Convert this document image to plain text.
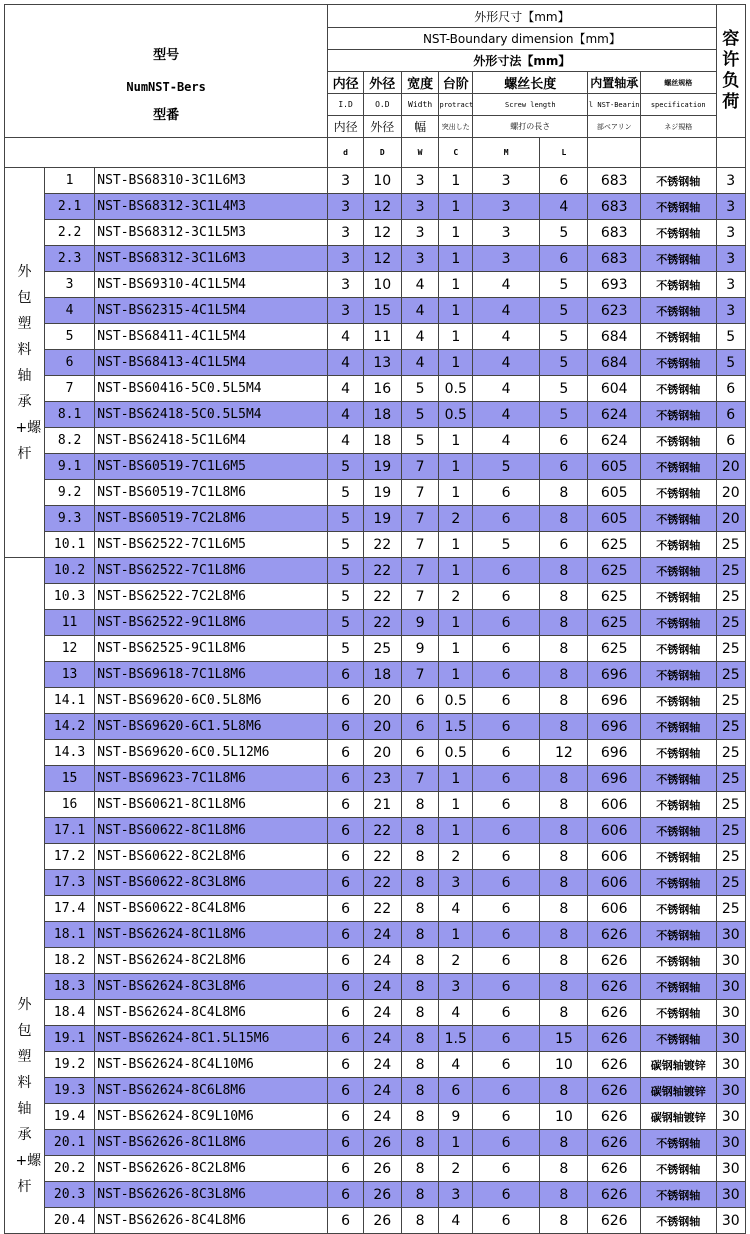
型号			外形尺寸【mm】								容许负荷

			NST-Boundary dimension【mm】								
			外形寸法【mm】								
			内径	外径	宽度	台阶	螺丝长度		内置轴承	螺丝规格	

NumNST-Bers
型番			I.D	O.D	Width	protract	Screw length		l NST-Bearin	specification	
			内径	外径	幅	突出した	螺打の長さ		部ベアリン	ネジ規格	
			d	D	W	C	M	L			

外包塑料轴承+螺杆	1	NST-BS68310-3C1L6M3	3	10	3	1	3	6	683	不锈钢轴	3
	2.1	NST-BS68312-3C1L4M3	3	12	3	1	3	4	683	不锈钢轴	3
	2.2	NST-BS68312-3C1L5M3	3	12	3	1	3	5	683	不锈钢轴	3
	2.3	NST-BS68312-3C1L6M3	3	12	3	1	3	6	683	不锈钢轴	3
	3	NST-BS69310-4C1L5M4	3	10	4	1	4	5	693	不锈钢轴	3
	4	NST-BS62315-4C1L5M4	3	15	4	1	4	5	623	不锈钢轴	3
	5	NST-BS68411-4C1L5M4	4	11	4	1	4	5	684	不锈钢轴	5
	6	NST-BS68413-4C1L5M4	4	13	4	1	4	5	684	不锈钢轴	5
	7	NST-BS60416-5C0.5L5M4	4	16	5	0.5	4	5	604	不锈钢轴	6
	8.1	NST-BS62418-5C0.5L5M4	4	18	5	0.5	4	5	624	不锈钢轴	6
	8.2	NST-BS62418-5C1L6M4	4	18	5	1	4	6	624	不锈钢轴	6
	9.1	NST-BS60519-7C1L6M5	5	19	7	1	5	6	605	不锈钢轴	20
	9.2	NST-BS60519-7C1L8M6	5	19	7	1	6	8	605	不锈钢轴	20
	9.3	NST-BS60519-7C2L8M6	5	19	7	2	6	8	605	不锈钢轴	20
	10.1	NST-BS62522-7C1L6M5	5	22	7	1	5	6	625	不锈钢轴	25

外包塑料轴承+螺杆	10.2	NST-BS62522-7C1L8M6	5	22	7	1	6	8	625	不锈钢轴	25
	10.3	NST-BS62522-7C2L8M6	5	22	7	2	6	8	625	不锈钢轴	25
	11	NST-BS62522-9C1L8M6	5	22	9	1	6	8	625	不锈钢轴	25
	12	NST-BS62525-9C1L8M6	5	25	9	1	6	8	625	不锈钢轴	25
	13	NST-BS69618-7C1L8M6	6	18	7	1	6	8	696	不锈钢轴	25
	14.1	NST-BS69620-6C0.5L8M6	6	20	6	0.5	6	8	696	不锈钢轴	25
	14.2	NST-BS69620-6C1.5L8M6	6	20	6	1.5	6	8	696	不锈钢轴	25
	14.3	NST-BS69620-6C0.5L12M6	6	20	6	0.5	6	12	696	不锈钢轴	25
	15	NST-BS69623-7C1L8M6	6	23	7	1	6	8	696	不锈钢轴	25
	16	NST-BS60621-8C1L8M6	6	21	8	1	6	8	606	不锈钢轴	25
	17.1	NST-BS60622-8C1L8M6	6	22	8	1	6	8	606	不锈钢轴	25
	17.2	NST-BS60622-8C2L8M6	6	22	8	2	6	8	606	不锈钢轴	25
	17.3	NST-BS60622-8C3L8M6	6	22	8	3	6	8	606	不锈钢轴	25
	17.4	NST-BS60622-8C4L8M6	6	22	8	4	6	8	606	不锈钢轴	25
	18.1	NST-BS62624-8C1L8M6	6	24	8	1	6	8	626	不锈钢轴	30
	18.2	NST-BS62624-8C2L8M6	6	24	8	2	6	8	626	不锈钢轴	30
	18.3	NST-BS62624-8C3L8M6	6	24	8	3	6	8	626	不锈钢轴	30
	18.4	NST-BS62624-8C4L8M6	6	24	8	4	6	8	626	不锈钢轴	30
	19.1	NST-BS62624-8C1.5L15M6	6	24	8	1.5	6	15	626	不锈钢轴	30
	19.2	NST-BS62624-8C4L10M6	6	24	8	4	6	10	626	碳钢轴镀锌	30
	19.3	NST-BS62624-8C6L8M6	6	24	8	6	6	8	626	碳钢轴镀锌	30
	19.4	NST-BS62624-8C9L10M6	6	24	8	9	6	10	626	碳钢轴镀锌	30
	20.1	NST-BS62626-8C1L8M6	6	26	8	1	6	8	626	不锈钢轴	30
	20.2	NST-BS62626-8C2L8M6	6	26	8	2	6	8	626	不锈钢轴	30
	20.3	NST-BS62626-8C3L8M6	6	26	8	3	6	8	626	不锈钢轴	30
	20.4	NST-BS62626-8C4L8M6	6	26	8	4	6	8	626	不锈钢轴	30
